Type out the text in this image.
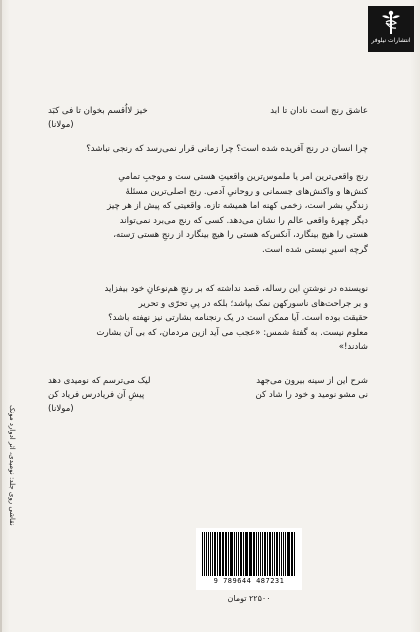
انتشارات نیلوفر
عاشق رنج است نادان تا ابد
خیز لااُقسم بخوان تا فی کبَد
(مولانا)
چرا انسان در رنج آفریده شده است؟ چرا زمانی قرار نمی‌رسد که رنجی نباشد؟

رنج واقعی‌ترین امر یا ملموس‌ترین واقعیتِ هستی ست و موجبِ تمامیِ

کنش‌ها و واکنش‌های جسمانی و روحانیِ آدمی. رنج اصلی‌ترین مسئلهٔ

زندگیِ بشر است، زخمی کهنه اما همیشه تازه. واقعیتی که پیش از هر چیز

دیگر چهرهٔ واقعی عالم را نشان می‌دهد. کسی که رنج می‌برد نمی‌تواند

هستی را هیچ بینگارد، آنکس‌که هستی را هیچ بینگارد از رنجِ هستی رَسته،

گرچه اسیرِ نیستی شده است.

نویسنده در نوشتنِ این رساله، قصد نداشته که بر رنجِ هم‌نوعانِ خود بیفزاید

و بر جراحت‌های ناسورکهن نمک بپاشد؛ بلکه در پیِ تحرّی و تحریر

حقیقت بوده است. آیا ممکن است در یک رنجنامه بشارتی نیز نهفته باشد؟

معلوم نیست. به گفتهٔ شمس: «عجب می آید ازین مردمان، که بی آن بشارت

شادند!»

شرح این از سینه بیرون می‌جهد
لیک می‌ترسم که نومیدی دهد
نی مشو نومید و خود را شاد کن
پیشِ آن فریادرس فریاد کن
(مولانا)
نقاشی روی جلد: نومیدی، اثر ادوارد مونک
9 789644 487231
۲۲۵۰۰ تومان
